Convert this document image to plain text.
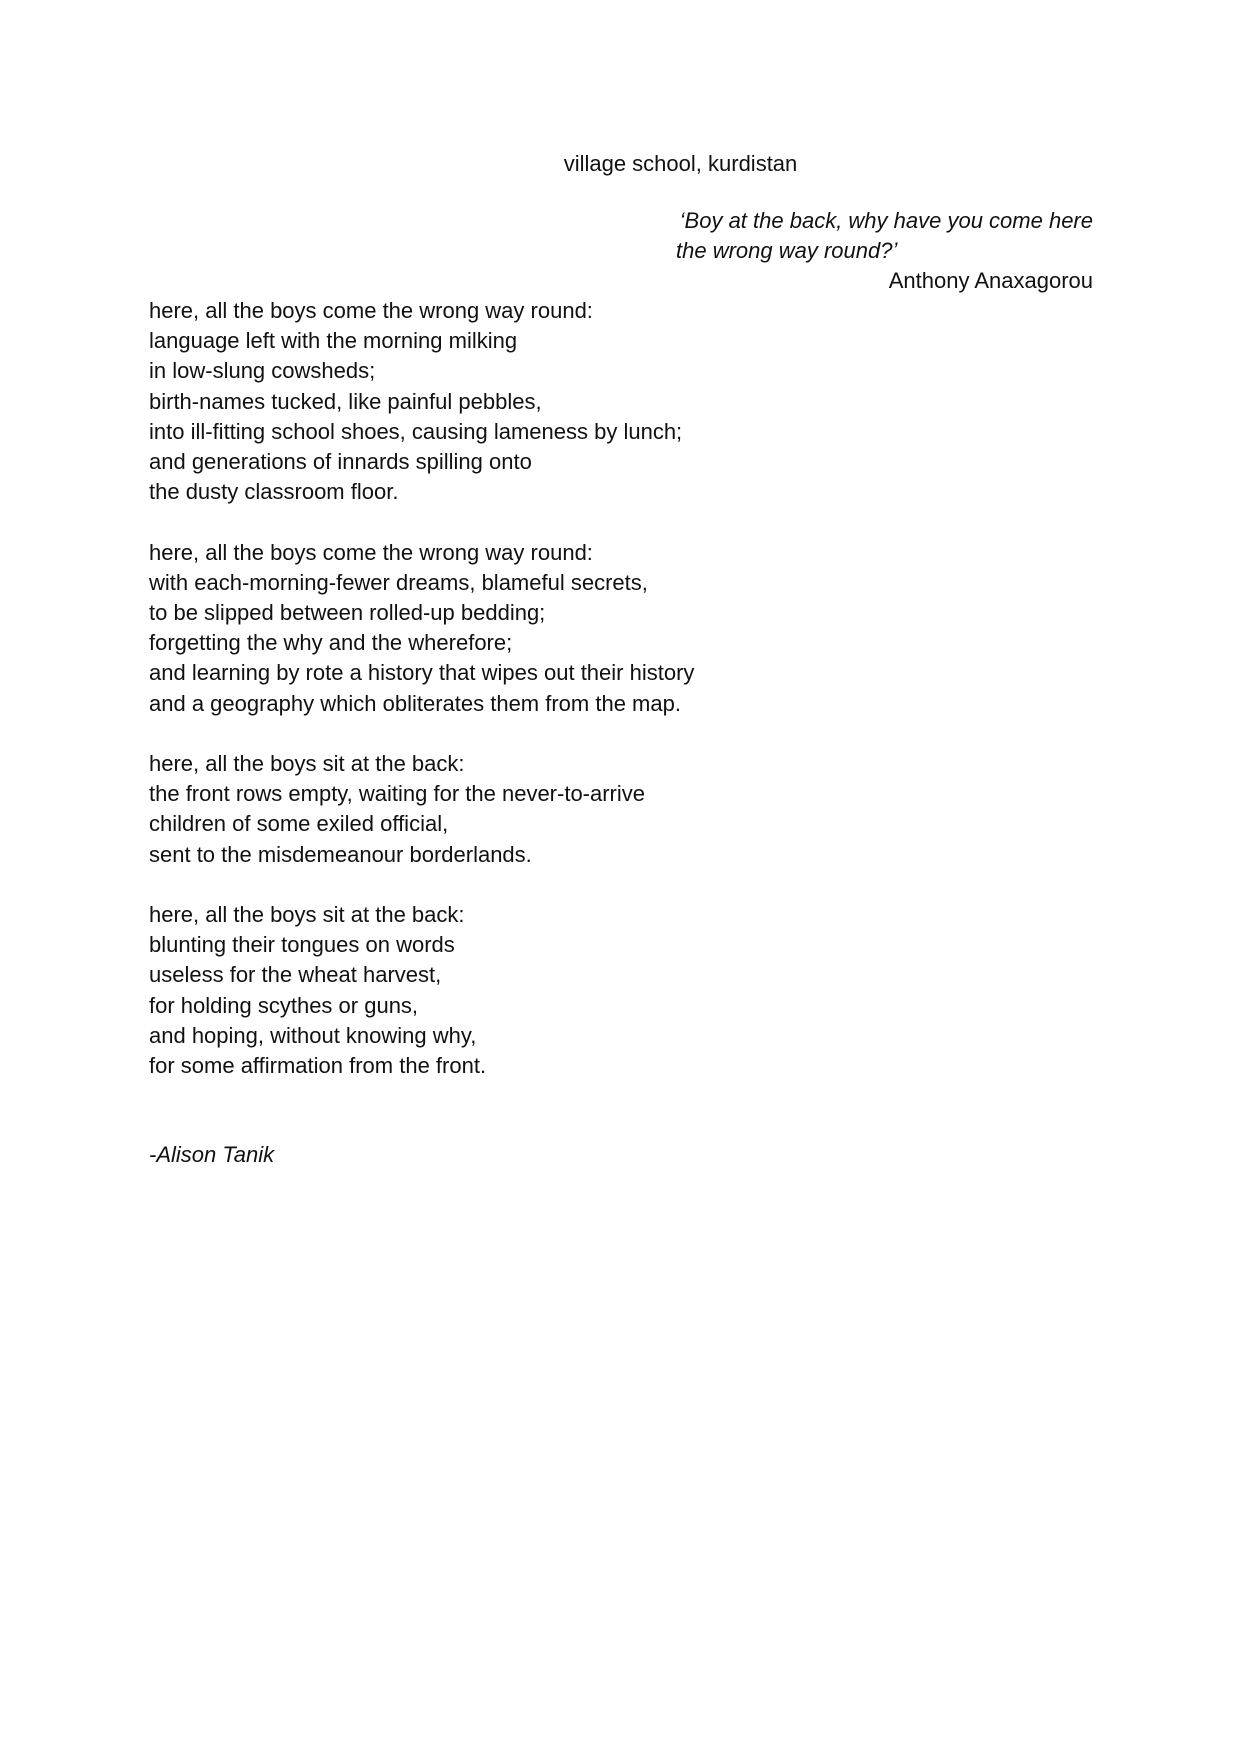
village school, kurdistan
‘Boy at the back, why have you come here
the wrong way round?’
Anthony Anaxagorou
here, all the boys come the wrong way round:
language left with the morning milking
in low-slung cowsheds;
birth-names tucked, like painful pebbles,
into ill-fitting school shoes, causing lameness by lunch;
and generations of innards spilling onto
the dusty classroom floor.
here, all the boys come the wrong way round:
with each-morning-fewer dreams, blameful secrets,
to be slipped between rolled-up bedding;
forgetting the why and the wherefore;
and learning by rote a history that wipes out their history
and a geography which obliterates them from the map.
here, all the boys sit at the back:
the front rows empty, waiting for the never-to-arrive
children of some exiled official,
sent to the misdemeanour borderlands.
here, all the boys sit at the back:
blunting their tongues on words
useless for the wheat harvest,
for holding scythes or guns,
and hoping, without knowing why,
for some affirmation from the front.
-Alison Tanik
